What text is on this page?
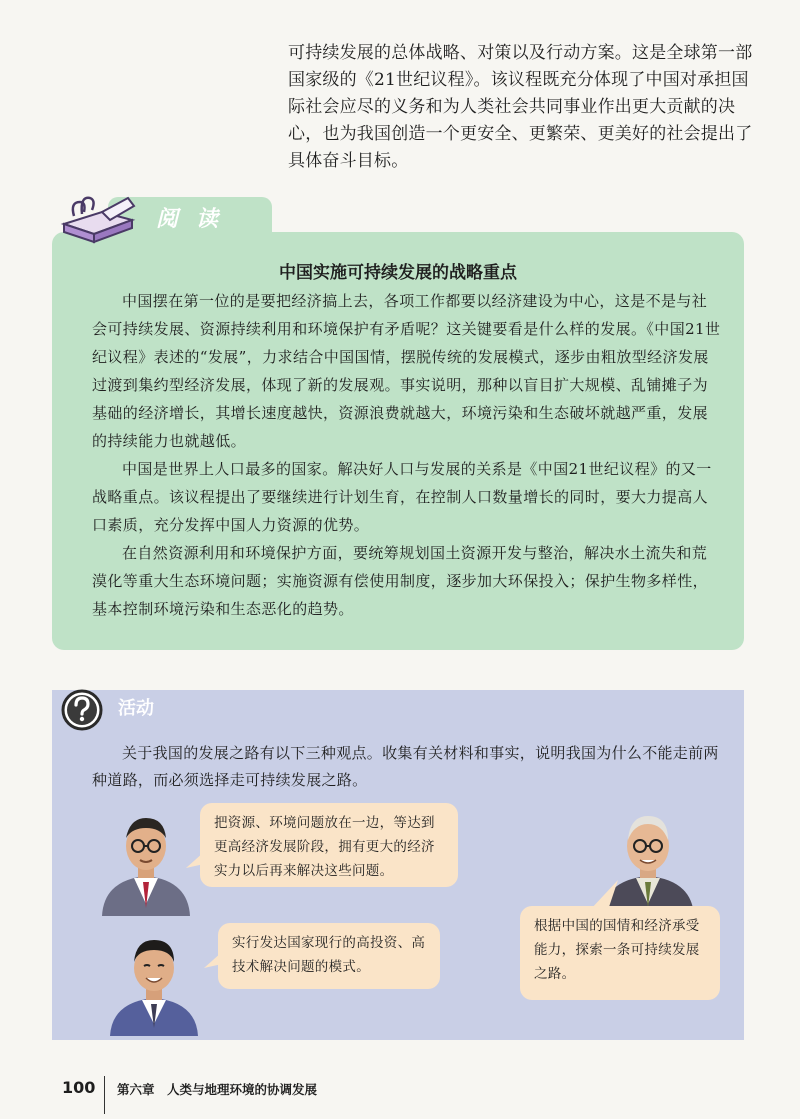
可持续发展的总体战略、对策以及行动方案。这是全球第一部国家级的《21世纪议程》。该议程既充分体现了中国对承担国际社会应尽的义务和为人类社会共同事业作出更大贡献的决心，也为我国创造一个更安全、更繁荣、更美好的社会提出了具体奋斗目标。

阅读
中国实施可持续发展的战略重点

中国摆在第一位的是要把经济搞上去，各项工作都要以经济建设为中心，这是不是与社会可持续发展、资源持续利用和环境保护有矛盾呢？这关键要看是什么样的发展。《中国21世纪议程》表述的“发展”，力求结合中国国情，摆脱传统的发展模式，逐步由粗放型经济发展过渡到集约型经济发展，体现了新的发展观。事实说明，那种以盲目扩大规模、乱铺摊子为基础的经济增长，其增长速度越快，资源浪费就越大，环境污染和生态破坏就越严重，发展的持续能力也就越低。

中国是世界上人口最多的国家。解决好人口与发展的关系是《中国21世纪议程》的又一战略重点。该议程提出了要继续进行计划生育，在控制人口数量增长的同时，要大力提高人口素质，充分发挥中国人力资源的优势。

在自然资源利用和环境保护方面，要统筹规划国土资源开发与整治，解决水土流失和荒漠化等重大生态环境问题；实施资源有偿使用制度，逐步加大环保投入；保护生物多样性，基本控制环境污染和生态恶化的趋势。

活动

关于我国的发展之路有以下三种观点。收集有关材料和事实，说明我国为什么不能走前两种道路，而必须选择走可持续发展之路。

把资源、环境问题放在一边，等达到更高经济发展阶段，拥有更大的经济实力以后再来解决这些问题。
实行发达国家现行的高投资、高技术解决问题的模式。
根据中国的国情和经济承受能力，探索一条可持续发展之路。
100 第六章　人类与地理环境的协调发展
